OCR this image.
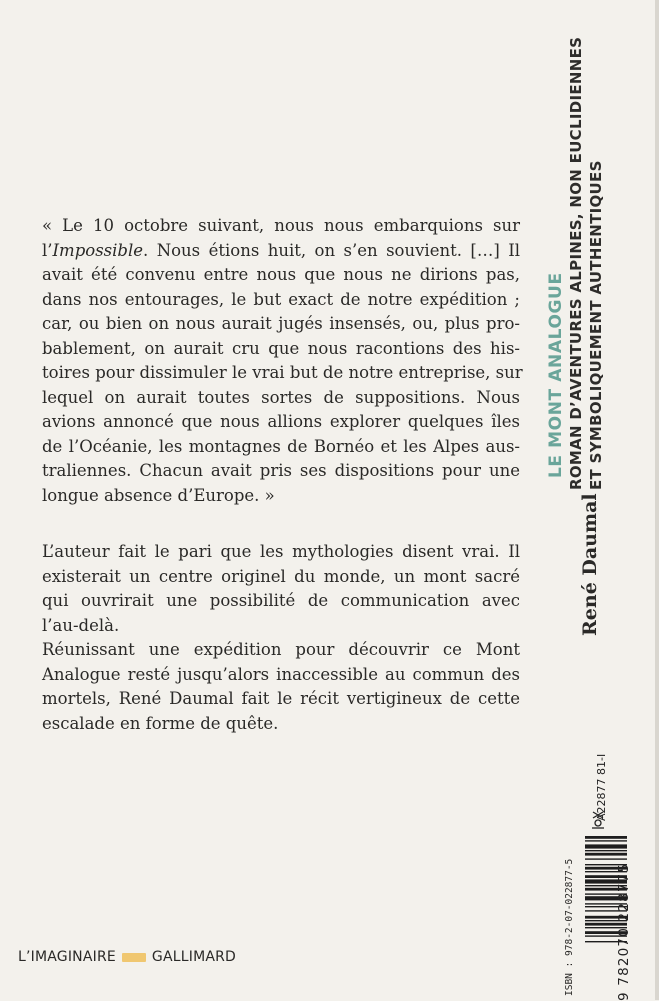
« Le 10 octobre suivant, nous nous embarquions sur
l’Impossible. Nous étions huit, on s’en souvient. […] Il
avait été convenu entre nous que nous ne dirions pas,
dans nos entourages, le but exact de notre expédition ;
car, ou bien on nous aurait jugés insensés, ou, plus pro-
bablement, on aurait cru que nous racontions des his-
toires pour dissimuler le vrai but de notre entreprise, sur
lequel on aurait toutes sortes de suppositions. Nous
avions annoncé que nous allions explorer quelques îles
de l’Océanie, les montagnes de Bornéo et les Alpes aus-
traliennes. Chacun avait pris ses dispositions pour une
longue absence d’Europe. »
L’auteur fait le pari que les mythologies disent vrai. Il
existerait un centre originel du monde, un mont sacré
qui ouvrirait une possibilité de communication avec
l’au-delà.
Réunissant une expédition pour découvrir ce Mont
Analogue resté jusqu’alors inaccessible au commun des
mortels, René Daumal fait le récit vertigineux de cette
escalade en forme de quête.
LE MONT ANALOGUE ROMAN D’AVENTURES ALPINES, NON EUCLIDIENNES ET SYMBOLIQUEMENT AUTHENTIQUES
René Daumal
A22877 81-I
ISBN : 978-2-07-022877-5	9 782070 228775
L’IMAGINAIRE	GALLIMARD
